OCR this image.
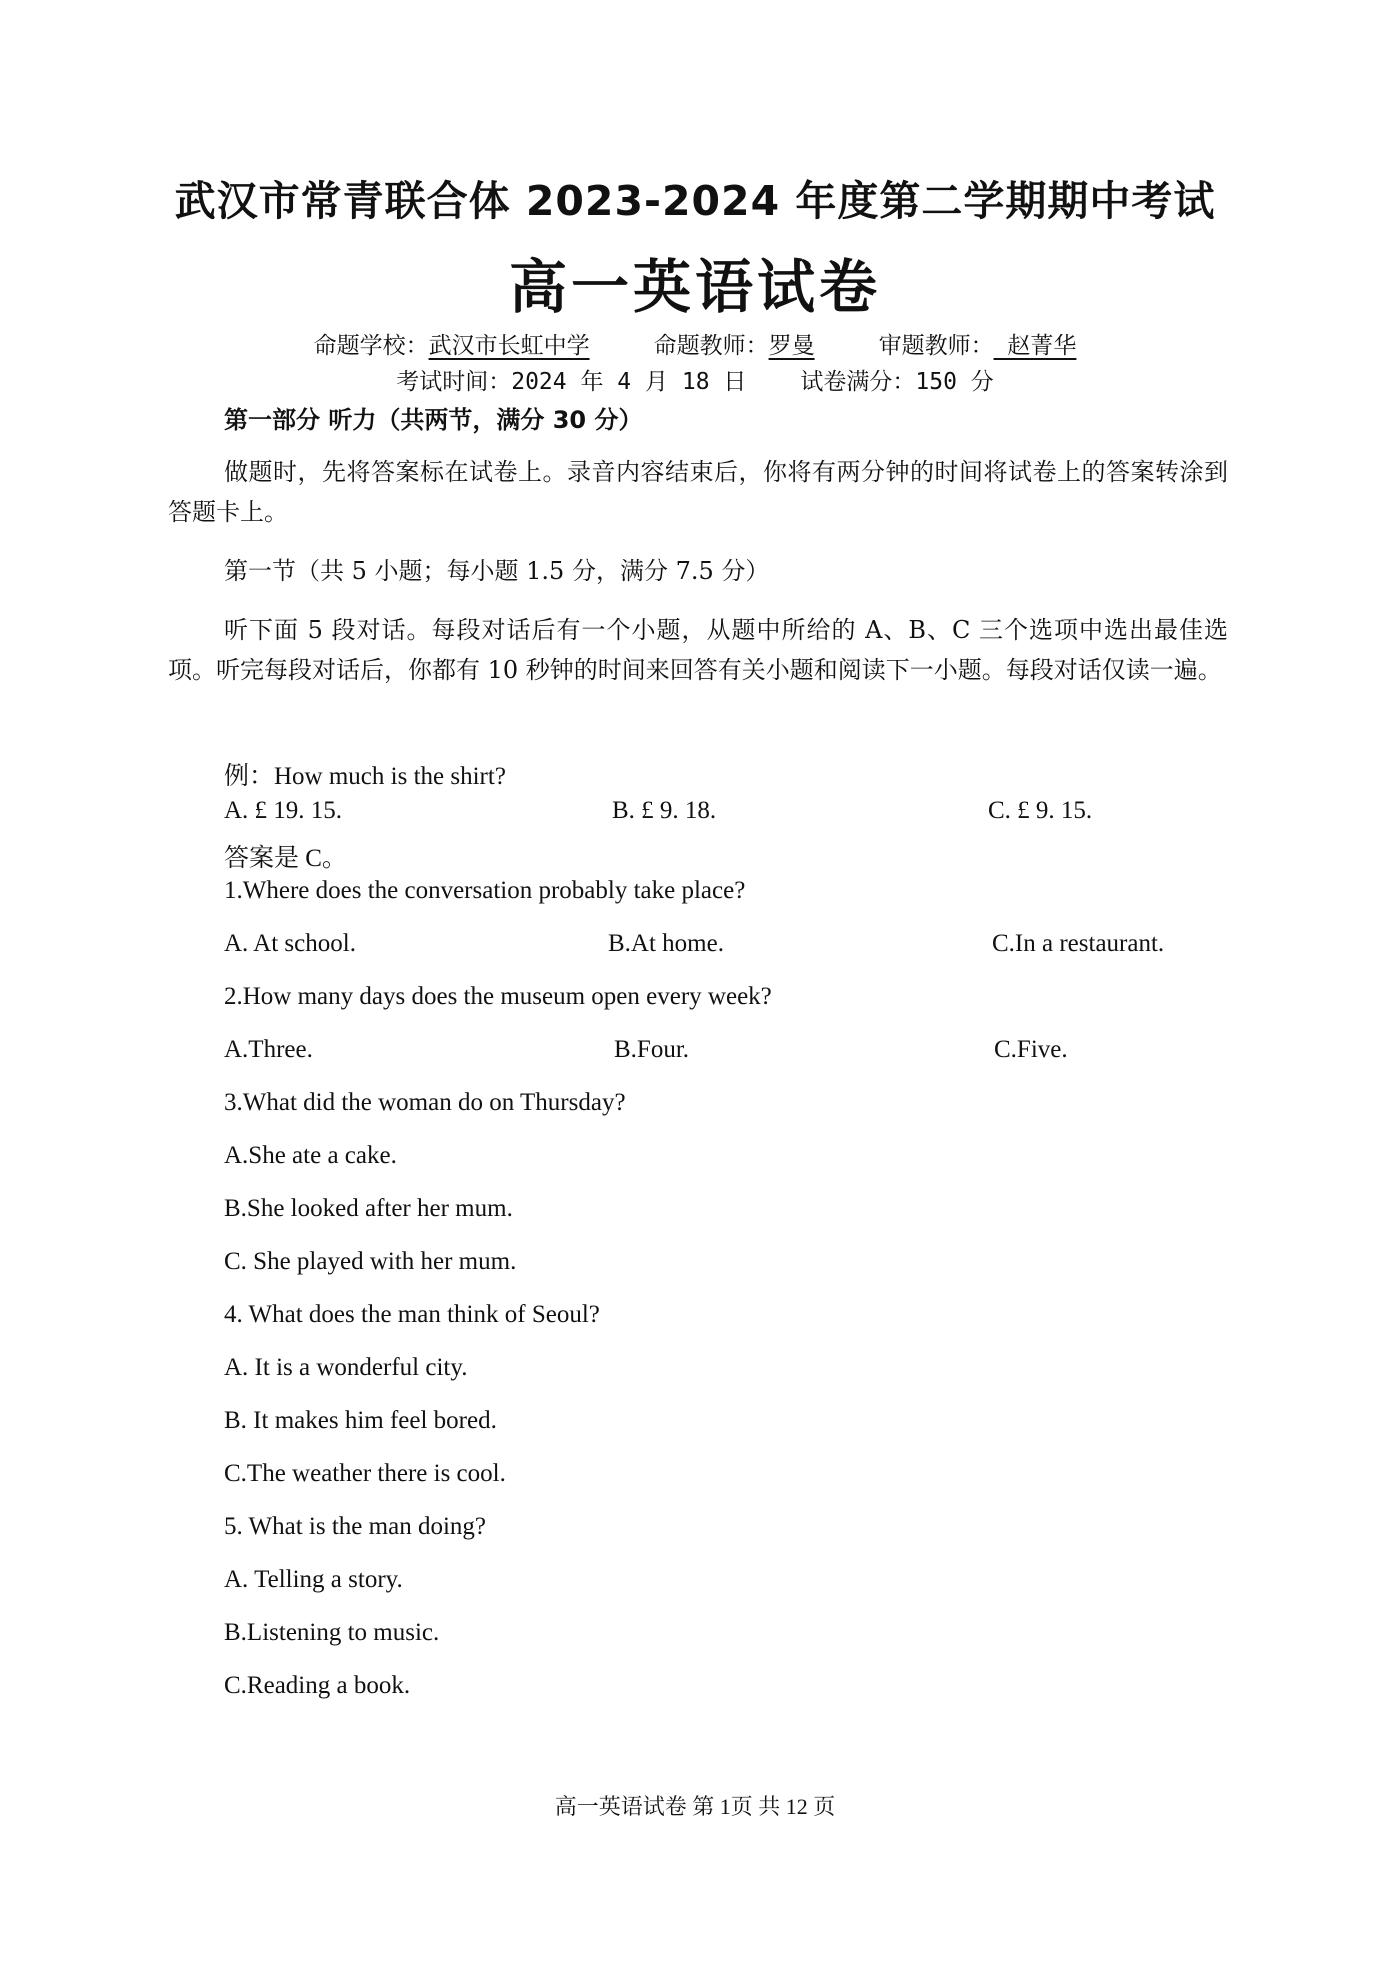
武汉市常青联合体 2023-2024 年度第二学期期中考试
高一英语试卷
命题学校：武汉市长虹中学	命题教师：罗曼	审题教师： 赵菁华
考试时间：2024 年 4 月 18 日 试卷满分：150 分
第一部分 听力（共两节，满分 30 分）
做题时，先将答案标在试卷上。录音内容结束后，你将有两分钟的时间将试卷上的答案转涂到答题卡上。
第一节（共 5 小题；每小题 1.5 分，满分 7.5 分）
听下面 5 段对话。每段对话后有一个小题，从题中所给的 A、B、C 三个选项中选出最佳选项。听完每段对话后，你都有 10 秒钟的时间来回答有关小题和阅读下一小题。每段对话仅读一遍。
例：How much is the shirt?
A. £ 19. 15.	B. £ 9. 18.	C. £ 9. 15.
答案是 C。
1.Where does the conversation probably take place?
A. At school.	B.At home.	C.In a restaurant.
2.How many days does the museum open every week?
A.Three.	B.Four.	C.Five.
3.What did the woman do on Thursday?
A.She ate a cake.
B.She looked after her mum.
C. She played with her mum.
4. What does the man think of Seoul?
A. It is a wonderful city.
B. It makes him feel bored.
C.The weather there is cool.
5. What is the man doing?
A. Telling a story.
B.Listening to music.
C.Reading a book.
高一英语试卷 第 1页 共 12 页
